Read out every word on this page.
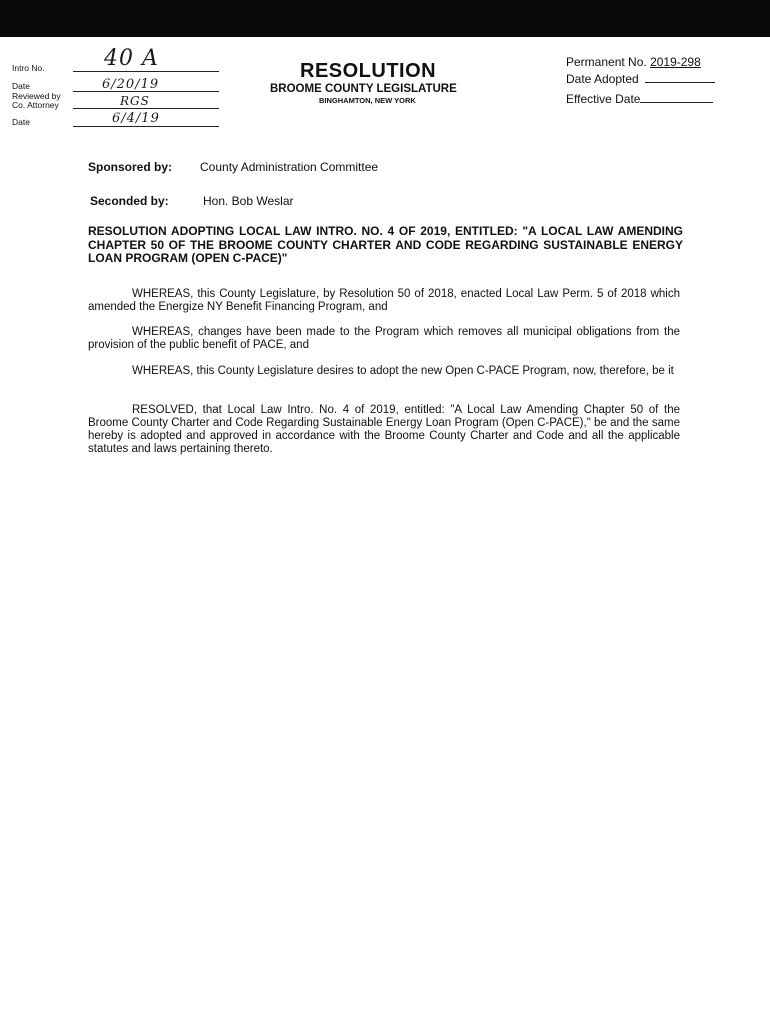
Intro No.	40 A
Date	6/20/19
Reviewed by
Co. Attorney	RGS
Date	6/4/19
RESOLUTION
BROOME COUNTY LEGISLATURE
BINGHAMTON, NEW YORK
Permanent No. 2019-298
Date Adopted
Effective Date
Sponsored by: County Administration Committee
Seconded by:	Hon. Bob Weslar
RESOLUTION ADOPTING LOCAL LAW INTRO. NO. 4 OF 2019, ENTITLED: "A LOCAL LAW AMENDING CHAPTER 50 OF THE BROOME COUNTY CHARTER AND CODE REGARDING SUSTAINABLE ENERGY LOAN PROGRAM (OPEN C-PACE)"
WHEREAS, this County Legislature, by Resolution 50 of 2018, enacted Local Law Perm. 5 of 2018 which amended the Energize NY Benefit Financing Program, and
WHEREAS, changes have been made to the Program which removes all municipal obligations from the provision of the public benefit of PACE, and
WHEREAS, this County Legislature desires to adopt the new Open C-PACE Program, now, therefore, be it
RESOLVED, that Local Law Intro. No. 4 of 2019, entitled: "A Local Law Amending Chapter 50 of the Broome County Charter and Code Regarding Sustainable Energy Loan Program (Open C-PACE)," be and the same hereby is adopted and approved in accordance with the Broome County Charter and Code and all the applicable statutes and laws pertaining thereto.
